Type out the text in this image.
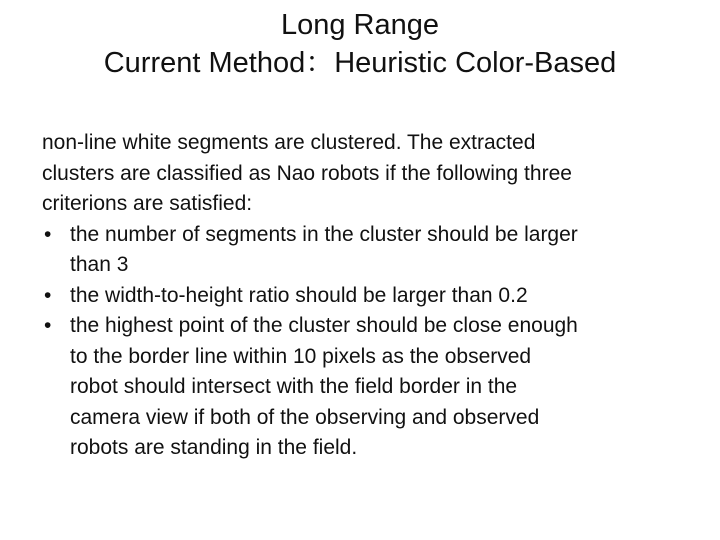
Long Range
Current Method：Heuristic Color-Based
non-line white segments are clustered. The extracted
clusters are classified as Nao robots if the following three
criterions are satisfied:
• the number of segments in the cluster should be larger
than 3
• the width-to-height ratio should be larger than 0.2
• the highest point of the cluster should be close enough
to the border line within 10 pixels as the observed
robot should intersect with the field border in the
camera view if both of the observing and observed
robots are standing in the field.
